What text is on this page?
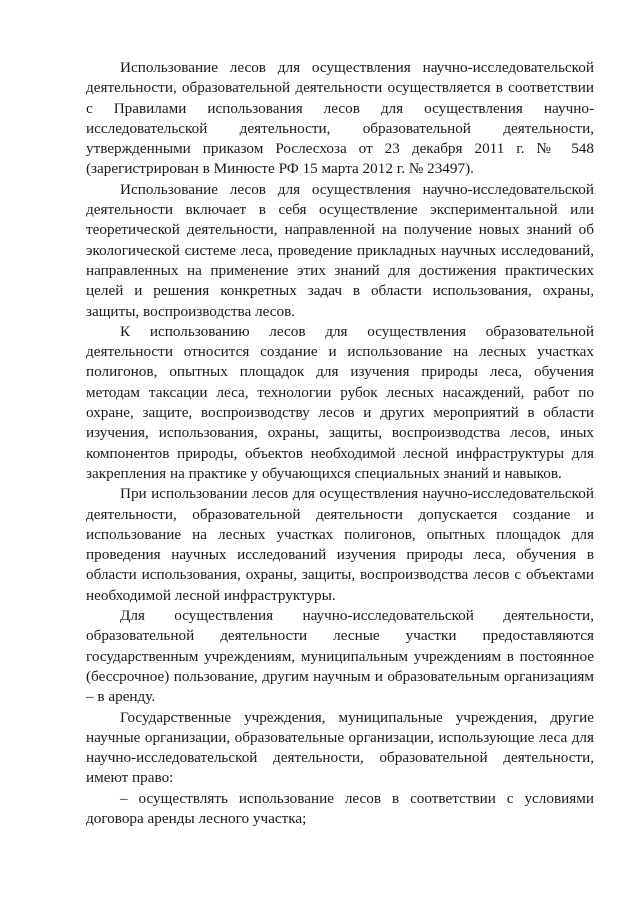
Использование лесов для осуществления научно-исследовательской деятельности, образовательной деятельности осуществляется в соответствии с Правилами использования лесов для осуществления научно-исследовательской деятельности, образовательной деятельности, утвержденными приказом Рослесхоза от 23 декабря 2011 г. № 548 (зарегистрирован в Минюсте РФ 15 марта 2012 г. № 23497).

Использование лесов для осуществления научно-исследовательской деятельности включает в себя осуществление экспериментальной или теоретической деятельности, направленной на получение новых знаний об экологической системе леса, проведение прикладных научных исследований, направленных на применение этих знаний для достижения практических целей и решения конкретных задач в области использования, охраны, защиты, воспроизводства лесов.

К использованию лесов для осуществления образовательной деятельности относится создание и использование на лесных участках полигонов, опытных площадок для изучения природы леса, обучения методам таксации леса, технологии рубок лесных насаждений, работ по охране, защите, воспроизводству лесов и других мероприятий в области изучения, использования, охраны, защиты, воспроизводства лесов, иных компонентов природы, объектов необходимой лесной инфраструктуры для закрепления на практике у обучающихся специальных знаний и навыков.

При использовании лесов для осуществления научно-исследовательской деятельности, образовательной деятельности допускается создание и использование на лесных участках полигонов, опытных площадок для проведения научных исследований изучения природы леса, обучения в области использования, охраны, защиты, воспроизводства лесов с объектами необходимой лесной инфраструктуры.

Для осуществления научно-исследовательской деятельности, образовательной деятельности лесные участки предоставляются государственным учреждениям, муниципальным учреждениям в постоянное (бессрочное) пользование, другим научным и образовательным организациям – в аренду.

Государственные учреждения, муниципальные учреждения, другие научные организации, образовательные организации, использующие леса для научно-исследовательской деятельности, образовательной деятельности, имеют право:

– осуществлять использование лесов в соответствии с условиями договора аренды лесного участка;
